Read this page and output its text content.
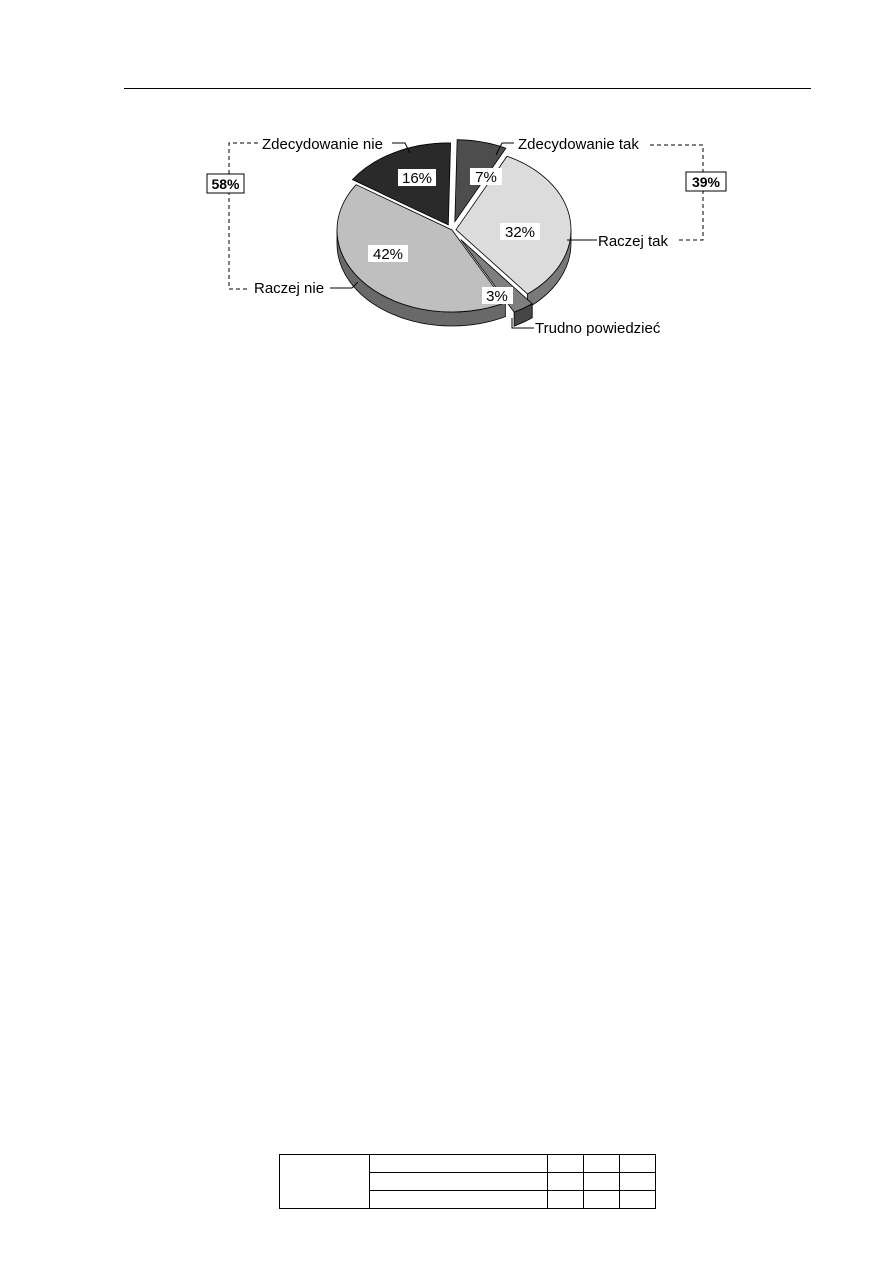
58%	39%
Zdecydowanie nie	Zdecydowanie tak
Raczej tak
Raczej nie
Trudno powiedzieć
16%	7%
32%
42%
3%
